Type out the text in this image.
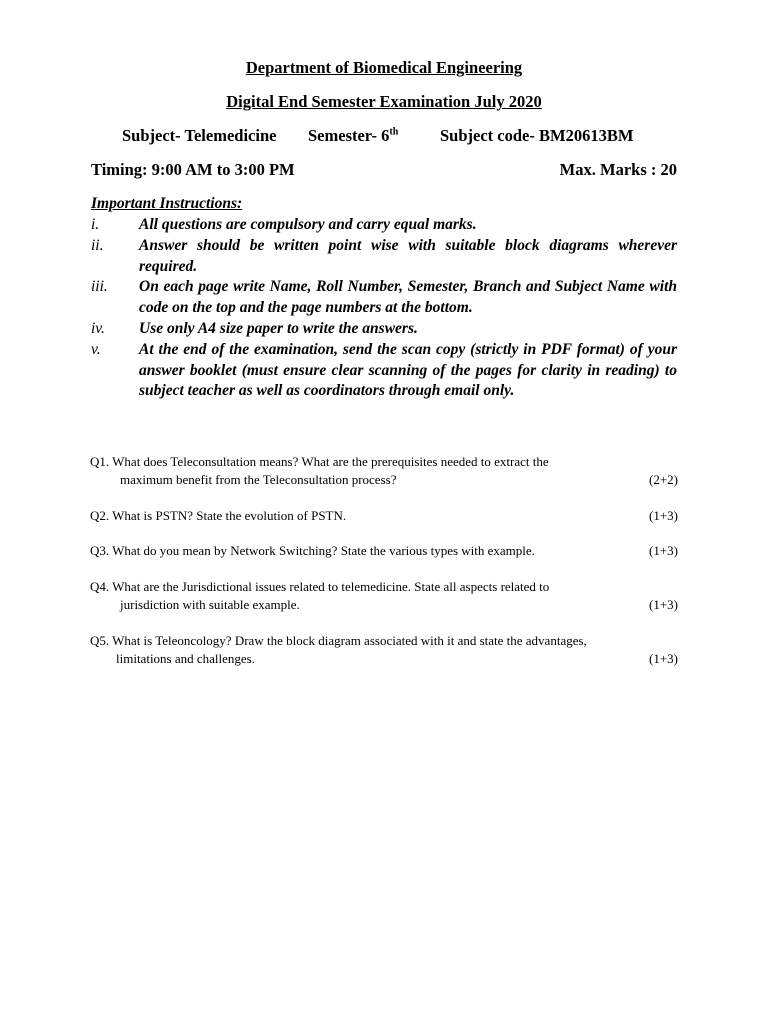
Department of Biomedical Engineering
Digital End Semester Examination July 2020
Subject- Telemedicine Semester- 6th	Subject code- BM20613BM
Timing: 9:00 AM to 3:00 PM	Max. Marks : 20
Important Instructions:
i.	All questions are compulsory and carry equal marks.
ii.	Answer should be written point wise with suitable block diagrams wherever required.
iii.	On each page write Name, Roll Number, Semester, Branch and Subject Name with code on the top and the page numbers at the bottom.
iv.	Use only A4 size paper to write the answers.
v.	At the end of the examination, send the scan copy (strictly in PDF format) of your answer booklet (must ensure clear scanning of the pages for clarity in reading) to subject teacher as well as coordinators through email only.
Q1. What does Teleconsultation means? What are the prerequisites needed to extract the
maximum benefit from the Teleconsultation process?	(2+2)
Q2. What is PSTN? State the evolution of PSTN.	(1+3)
Q3. What do you mean by Network Switching? State the various types with example.	(1+3)
Q4. What are the Jurisdictional issues related to telemedicine. State all aspects related to
jurisdiction with suitable example.	(1+3)
Q5. What is Teleoncology? Draw the block diagram associated with it and state the advantages,
limitations and challenges.	(1+3)
